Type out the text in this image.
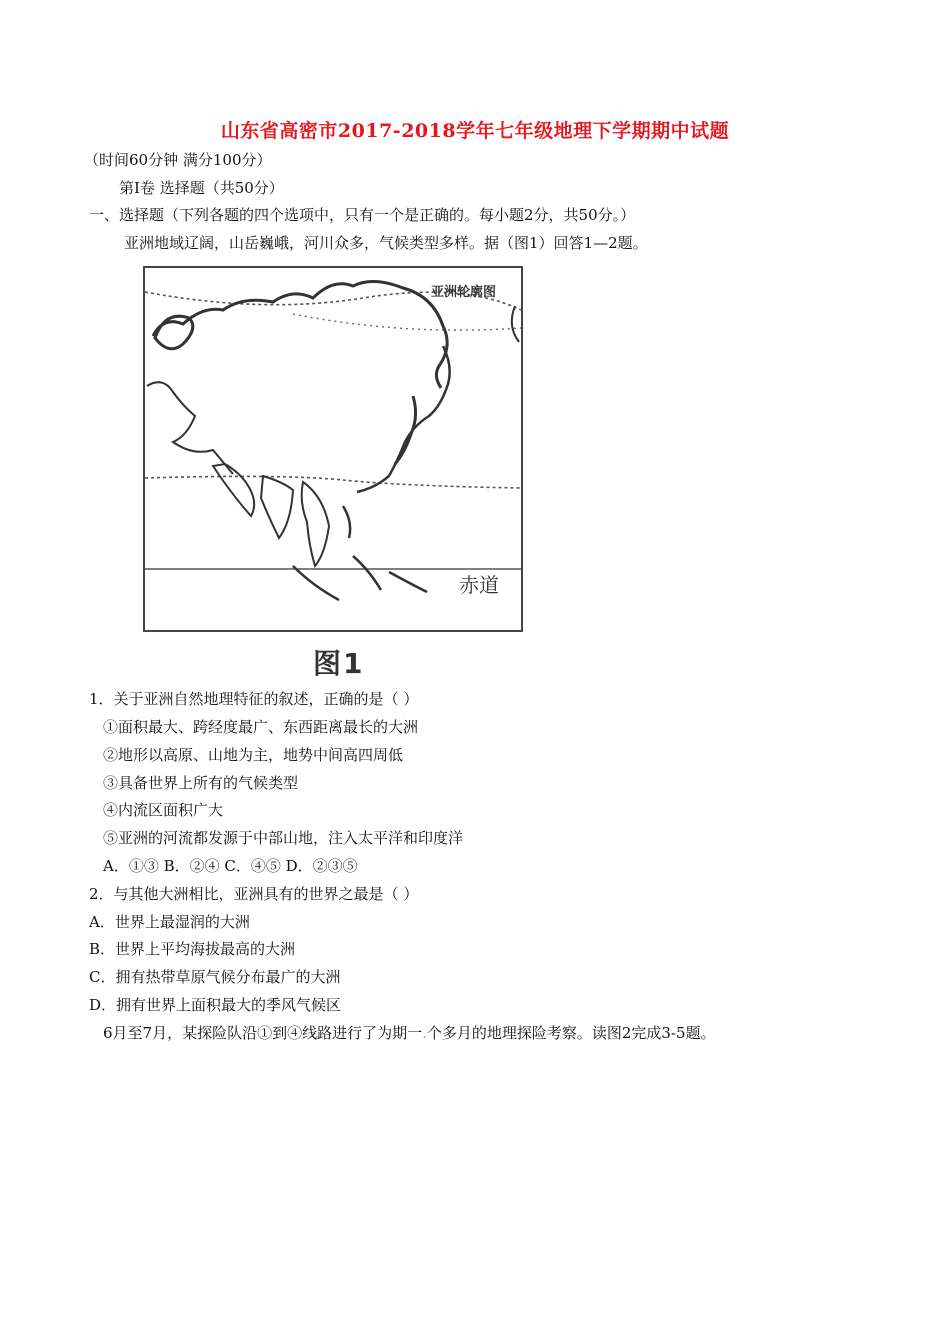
山东省高密市2017-2018学年七年级地理下学期期中试题
（时间60分钟 满分100分）
第Ⅰ卷 选择题（共50分）
一、选择题（下列各题的四个选项中，只有一个是正确的。每小题2分，共50分。）
亚洲地域辽阔，山岳巍峨，河川众多，气候类型多样。据（图1）回答1—2题。
亚洲轮廓图
赤道
图1
1．关于亚洲自然地理特征的叙述，正确的是（ ）
①面积最大、跨经度最广、东西距离最长的大洲
②地形以高原、山地为主，地势中间高四周低
③具备世界上所有的气候类型
④内流区面积广大
⑤亚洲的河流都发源于中部山地，注入太平洋和印度洋
A．①③ B．②④ C．④⑤ D．②③⑤
2．与其他大洲相比，亚洲具有的世界之最是（ ）
A．世界上最湿润的大洲
B．世界上平均海拔最高的大洲
C．拥有热带草原气候分布最广的大洲
D．拥有世界上面积最大的季风气候区
6月至7月，某探险队沿①到④线路进行了为期一.个多月的地理探险考察。读图2完成3-5题。
